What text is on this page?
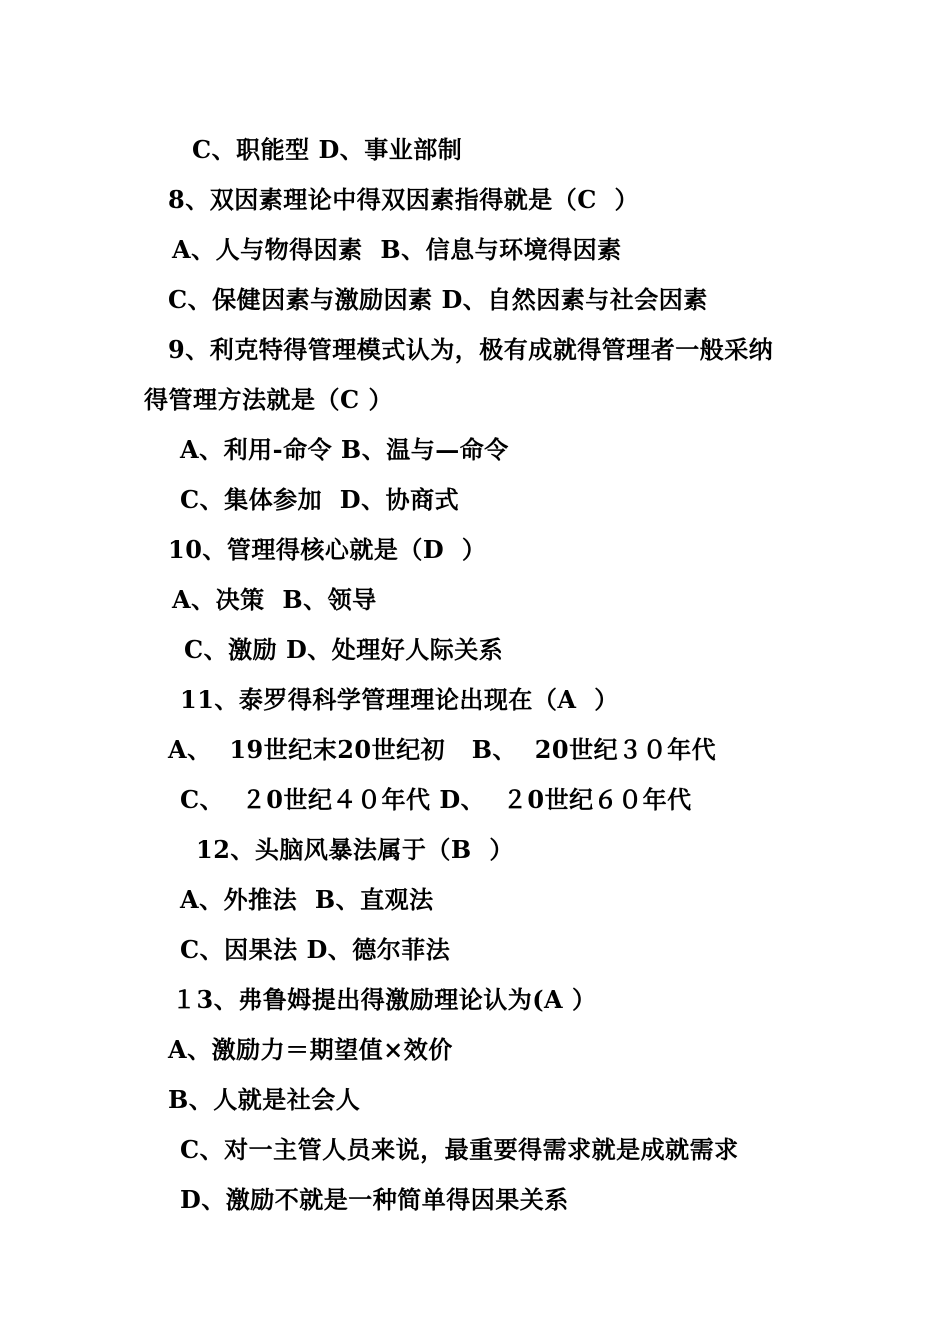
C、职能型 D、事业部制
8、双因素理论中得双因素指得就是（C  ）
A、人与物得因素  B、信息与环境得因素
C、保健因素与激励因素 D、自然因素与社会因素
9、利克特得管理模式认为，极有成就得管理者一般采纳
得管理方法就是（C ）
A、利用-命令 B、温与—命令
C、集体参加  D、协商式
10、管理得核心就是（D  ）
A、决策  B、领导
C、激励 D、处理好人际关系
11、泰罗得科学管理理论出现在（A  ）
A、  19世纪末20世纪初   B、  20世纪３０年代
C、  ２0世纪４０年代 D、  ２0世纪６０年代
12、头脑风暴法属于（B  ）
A、外推法  B、直观法
C、因果法 D、德尔菲法
１3、弗鲁姆提出得激励理论认为(A ）
A、激励力＝期望值×效价
B、人就是社会人
C、对一主管人员来说，最重要得需求就是成就需求
D、激励不就是一种简单得因果关系
